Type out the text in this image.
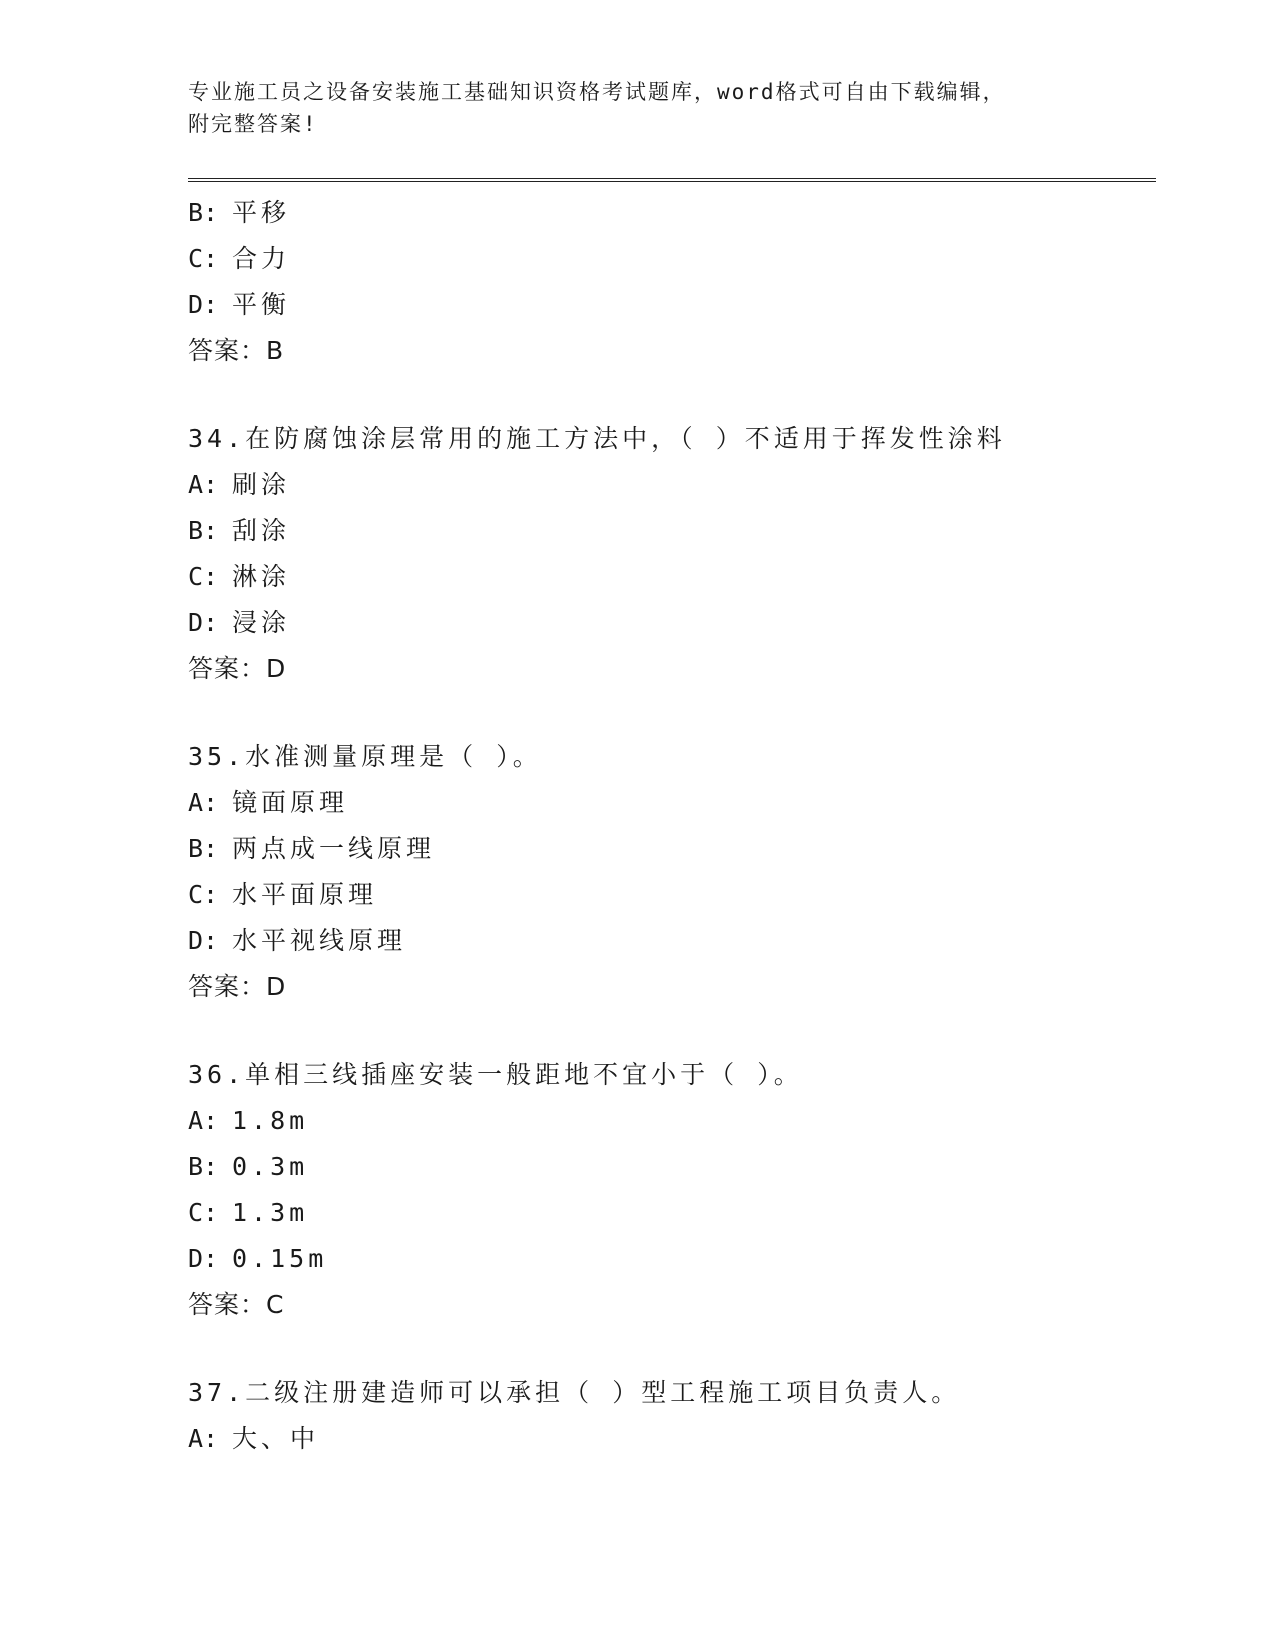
专业施工员之设备安装施工基础知识资格考试题库，word格式可自由下载编辑，
附完整答案!
B: 平移
C: 合力
D: 平衡
答案：B
34.在防腐蚀涂层常用的施工方法中，（ ）不适用于挥发性涂料
A: 刷涂
B: 刮涂
C: 淋涂
D: 浸涂
答案：D
35.水准测量原理是（ ）。
A: 镜面原理
B: 两点成一线原理
C: 水平面原理
D: 水平视线原理
答案：D
36.单相三线插座安装一般距地不宜小于（ ）。
A: 1.8m
B: 0.3m
C: 1.3m
D: 0.15m
答案：C
37.二级注册建造师可以承担（ ）型工程施工项目负责人。
A: 大、中
